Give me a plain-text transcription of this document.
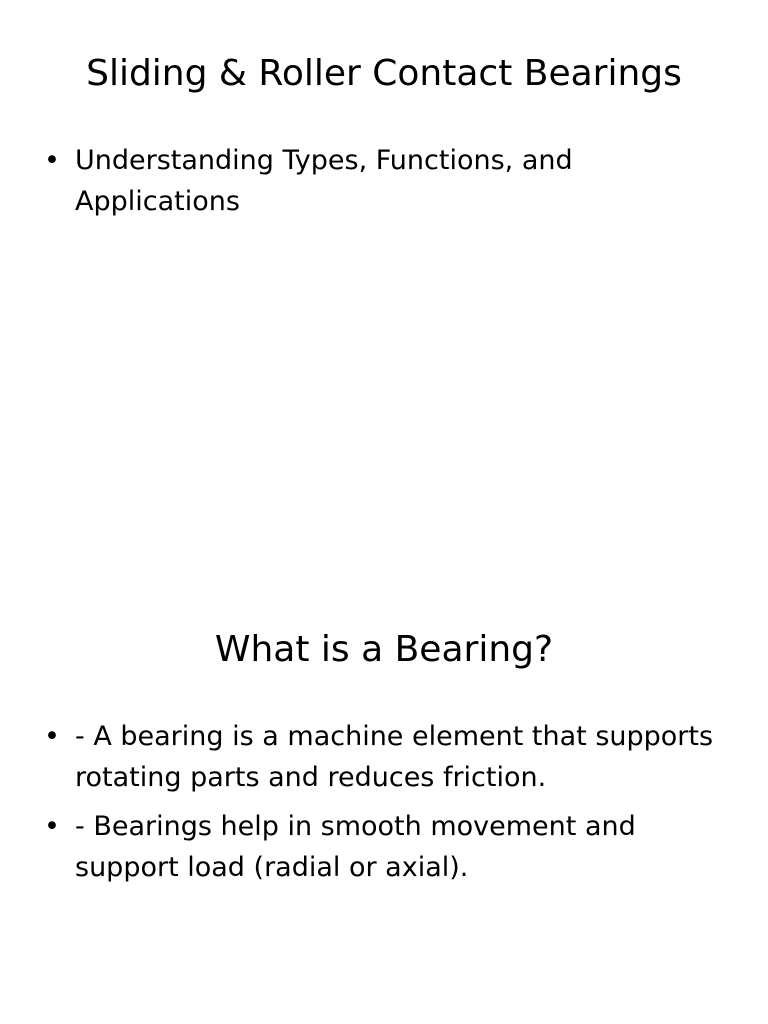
Sliding & Roller Contact Bearings
• Understanding Types, Functions, and Applications
What is a Bearing?
• - A bearing is a machine element that supports rotating parts and reduces friction.
• - Bearings help in smooth movement and support load (radial or axial).
